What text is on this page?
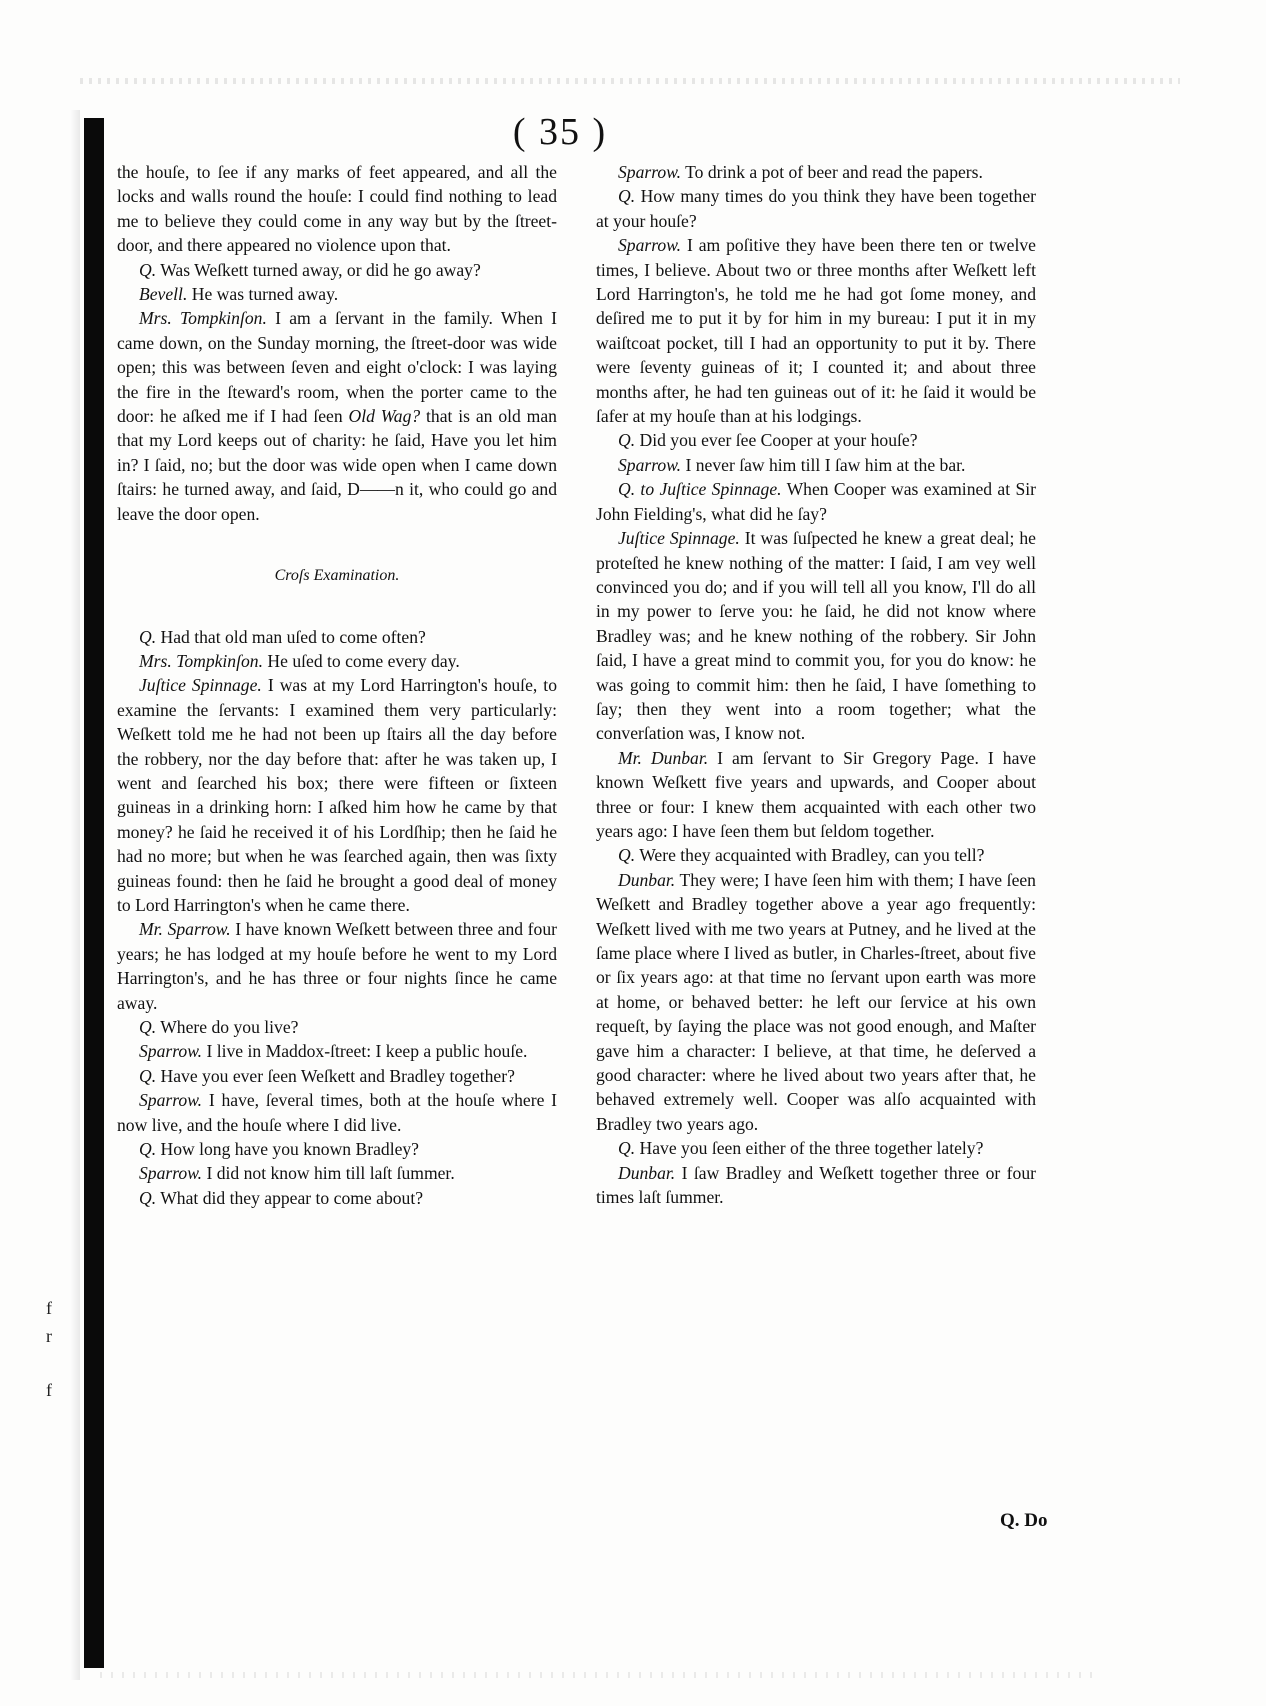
( 35 )

the houſe, to ſee if any marks of feet appeared, and all the locks and walls round the houſe: I could find nothing to lead me to believe they could come in any way but by the ſtreet-door, and there appeared no violence upon that.

Q. Was Weſkett turned away, or did he go away?

Bevell. He was turned away.

Mrs. Tompkinſon. I am a ſervant in the family. When I came down, on the Sunday morning, the ſtreet-door was wide open; this was between ſeven and eight o'clock: I was laying the fire in the ſteward's room, when the porter came to the door: he aſked me if I had ſeen Old Wag? that is an old man that my Lord keeps out of charity: he ſaid, Have you let him in? I ſaid, no; but the door was wide open when I came down ſtairs: he turned away, and ſaid, D——n it, who could go and leave the door open.

Croſs Examination.

Q. Had that old man uſed to come often?

Mrs. Tompkinſon. He uſed to come every day.

Juſtice Spinnage. I was at my Lord Harrington's houſe, to examine the ſervants: I examined them very particularly: Weſkett told me he had not been up ſtairs all the day before the robbery, nor the day before that: after he was taken up, I went and ſearched his box; there were fifteen or ſixteen guineas in a drinking horn: I aſked him how he came by that money? he ſaid he received it of his Lordſhip; then he ſaid he had no more; but when he was ſearched again, then was ſixty guineas found: then he ſaid he brought a good deal of money to Lord Harrington's when he came there.

Mr. Sparrow. I have known Weſkett between three and four years; he has lodged at my houſe before he went to my Lord Harrington's, and he has three or four nights ſince he came away.

Q. Where do you live?

Sparrow. I live in Maddox-ſtreet: I keep a public houſe.

Q. Have you ever ſeen Weſkett and Bradley together?

Sparrow. I have, ſeveral times, both at the houſe where I now live, and the houſe where I did live.

Q. How long have you known Bradley?

Sparrow. I did not know him till laſt ſummer.

Q. What did they appear to come about?

Sparrow. To drink a pot of beer and read the papers.

Q. How many times do you think they have been together at your houſe?

Sparrow. I am poſitive they have been there ten or twelve times, I believe. About two or three months after Weſkett left Lord Harrington's, he told me he had got ſome money, and deſired me to put it by for him in my bureau: I put it in my waiſtcoat pocket, till I had an opportunity to put it by. There were ſeventy guineas of it; I counted it; and about three months after, he had ten guineas out of it: he ſaid it would be ſafer at my houſe than at his lodgings.

Q. Did you ever ſee Cooper at your houſe?

Sparrow. I never ſaw him till I ſaw him at the bar.

Q. to Juſtice Spinnage. When Cooper was examined at Sir John Fielding's, what did he ſay?

Juſtice Spinnage. It was ſuſpected he knew a great deal; he proteſted he knew nothing of the matter: I ſaid, I am vey well convinced you do; and if you will tell all you know, I'll do all in my power to ſerve you: he ſaid, he did not know where Bradley was; and he knew nothing of the robbery. Sir John ſaid, I have a great mind to commit you, for you do know: he was going to commit him: then he ſaid, I have ſomething to ſay; then they went into a room together; what the converſation was, I know not.

Mr. Dunbar. I am ſervant to Sir Gregory Page. I have known Weſkett five years and upwards, and Cooper about three or four: I knew them acquainted with each other two years ago: I have ſeen them but ſeldom together.

Q. Were they acquainted with Bradley, can you tell?

Dunbar. They were; I have ſeen him with them; I have ſeen Weſkett and Bradley together above a year ago frequently: Weſkett lived with me two years at Putney, and he lived at the ſame place where I lived as butler, in Charles-ſtreet, about five or ſix years ago: at that time no ſervant upon earth was more at home, or behaved better: he left our ſervice at his own requeſt, by ſaying the place was not good enough, and Maſter gave him a character: I believe, at that time, he deſerved a good character: where he lived about two years after that, he behaved extremely well. Cooper was alſo acquainted with Bradley two years ago.

Q. Have you ſeen either of the three together lately?

Dunbar. I ſaw Bradley and Weſkett together three or four times laſt ſummer.

Q. Do
f
r
f
